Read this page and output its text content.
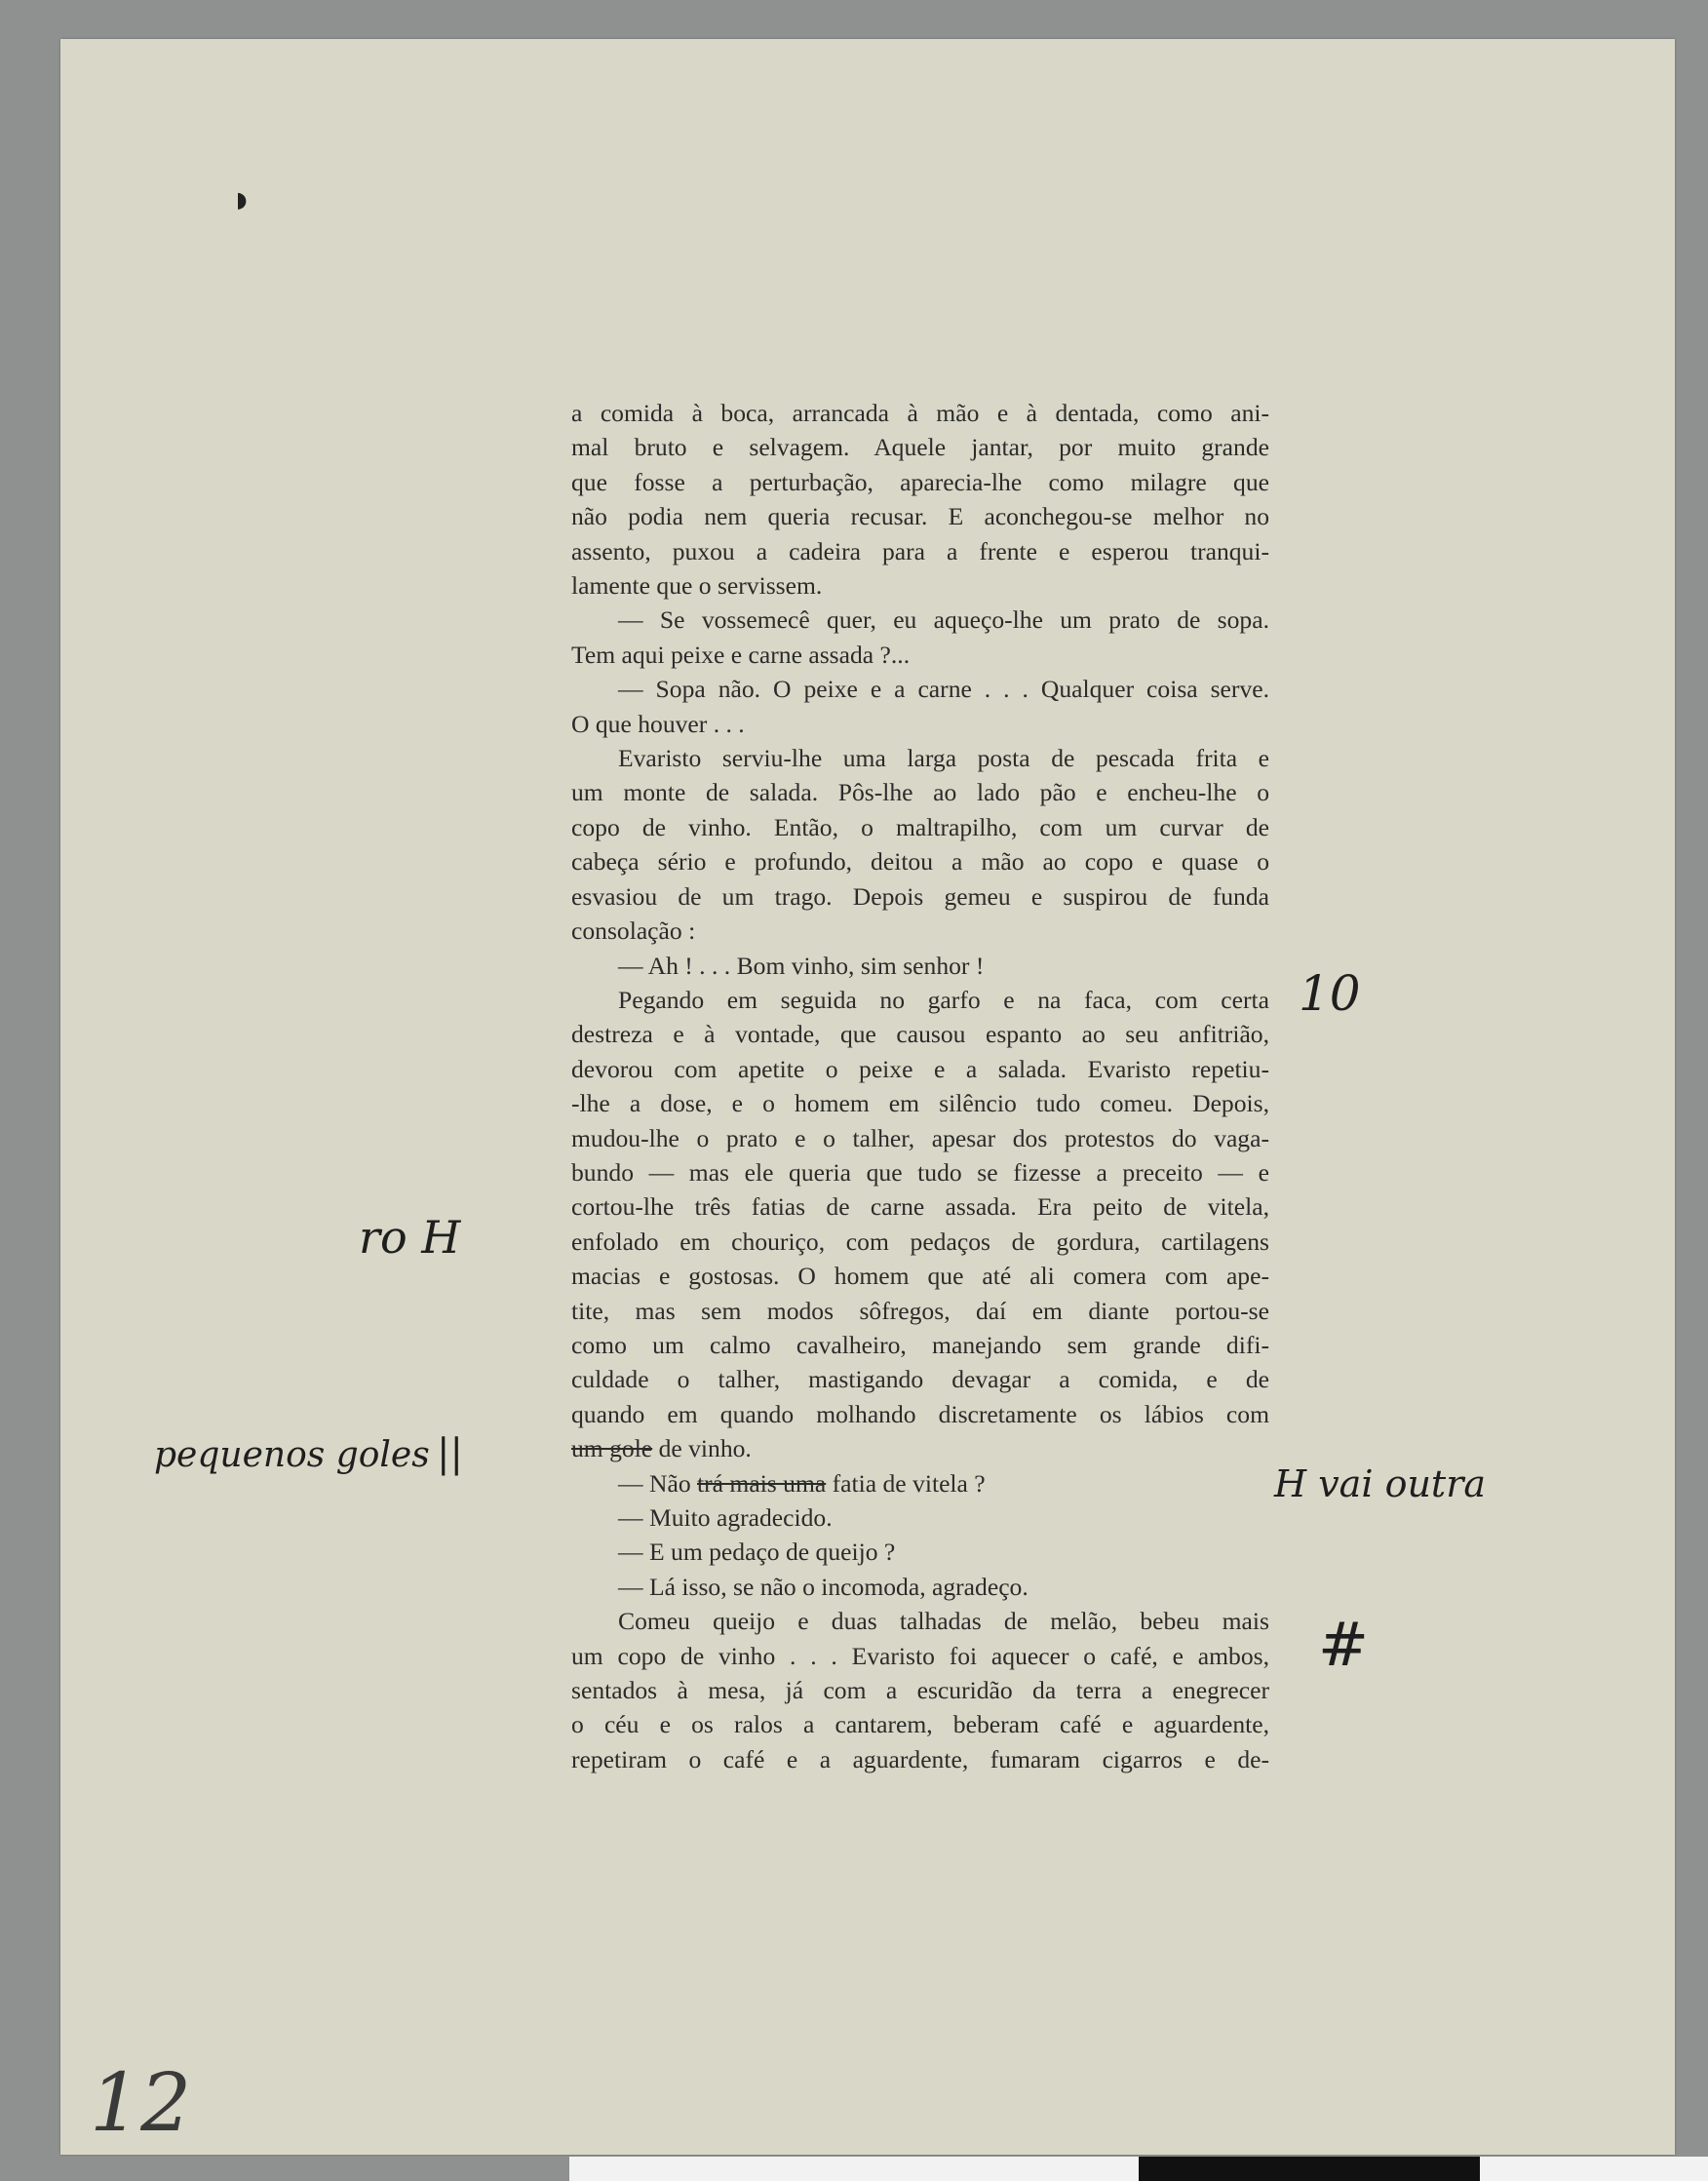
◗
a comida à boca, arrancada à mão e à dentada, como ani-
mal bruto e selvagem. Aquele jantar, por muito grande
que fosse a perturbação, aparecia-lhe como milagre que
não podia nem queria recusar. E aconchegou-se melhor no
assento, puxou a cadeira para a frente e esperou tranqui-
lamente que o servissem.
— Se vossemecê quer, eu aqueço-lhe um prato de sopa.
Tem aqui peixe e carne assada ?...
— Sopa não. O peixe e a carne . . . Qualquer coisa serve.
O que houver . . .
Evaristo serviu-lhe uma larga posta de pescada frita e
um monte de salada. Pôs-lhe ao lado pão e encheu-lhe o
copo de vinho. Então, o maltrapilho, com um curvar de
cabeça sério e profundo, deitou a mão ao copo e quase o
esvasiou de um trago. Depois gemeu e suspirou de funda
consolação :
— Ah ! . . . Bom vinho, sim senhor !
Pegando em seguida no garfo e na faca, com certa
destreza e à vontade, que causou espanto ao seu anfitrião,
devorou com apetite o peixe e a salada. Evaristo repetiu-
-lhe a dose, e o homem em silêncio tudo comeu. Depois,
mudou-lhe o prato e o talher, apesar dos protestos do vaga-
bundo — mas ele queria que tudo se fizesse a preceito — e
cortou-lhe três fatias de carne assada. Era peito de vitela,
enfolado em chouriço, com pedaços de gordura, cartilagens
macias e gostosas. O homem que até ali comera com ape-
tite, mas sem modos sôfregos, daí em diante portou-se
como um calmo cavalheiro, manejando sem grande difi-
culdade o talher, mastigando devagar a comida, e de
quando em quando molhando discretamente os lábios com
um gole de vinho.
— Não trá mais uma fatia de vitela ?
— Muito agradecido.
— E um pedaço de queijo ?
— Lá isso, se não o incomoda, agradeço.
Comeu queijo e duas talhadas de melão, bebeu mais
um copo de vinho . . . Evaristo foi aquecer o café, e ambos,
sentados à mesa, já com a escuridão da terra a enegrecer
o céu e os ralos a cantarem, beberam café e aguardente,
repetiram o café e a aguardente, fumaram cigarros e de-
10
ro H
pequenos goles ||
H vai outra
#
12
